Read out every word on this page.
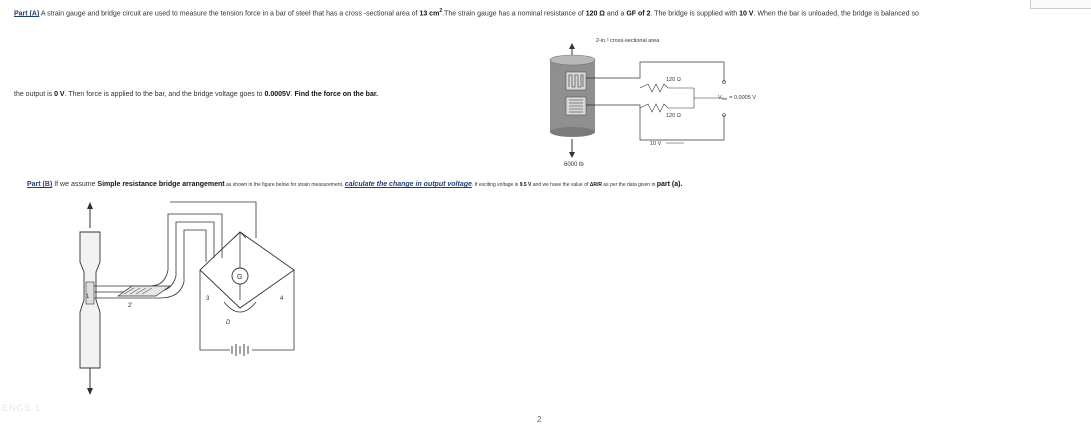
Part (A) A strain gauge and bridge circuit are used to measure the tension force in a bar of steel that has a cross -sectional area of 13 $cm^2.The$ strain gauge has a nominal resistance of 120 Ω and a GF of 2. The bridge is supplied with 10 V. When the bar is unloaded, the bridge is balanced so
the output is 0 V. Then force is applied to the bar, and the bridge voltage goes to 0.0005V. Find the force on the bar.
2-in.² cross-sectional area
6000 lb
120 Ω
120 Ω
Vout = 0.0005 V
10 V
Part (B) If we assume Simple resistance bridge arrangement as shown in the figure below for strain measurement, calculate the change in output voltage. If exciting voltage is 9.5 V and we have the value of ΔR/R as per the data given in part (a).
G
1
2'
3	4
D
ENGS 1
2
